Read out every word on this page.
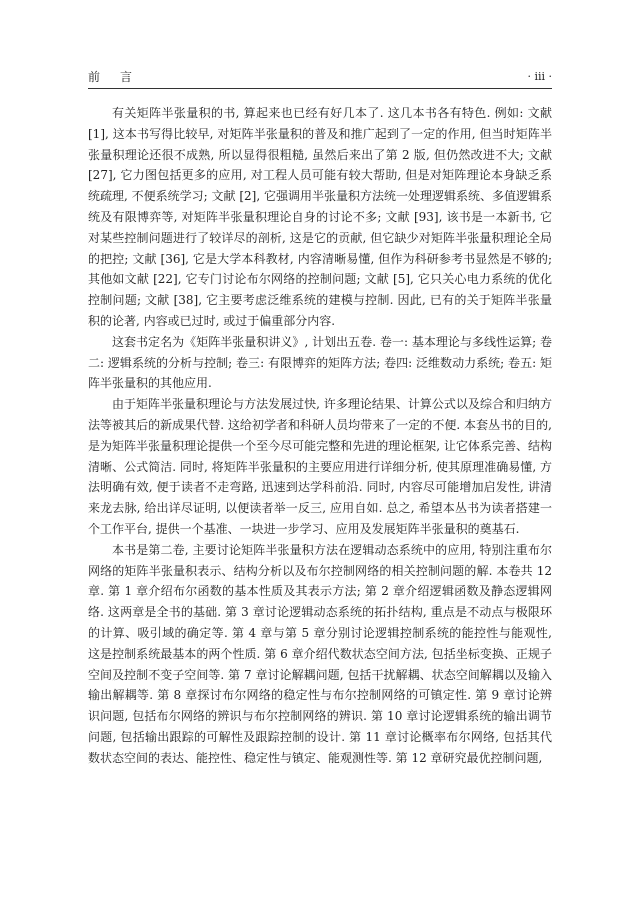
前言	· iii ·

有关矩阵半张量积的书, 算起来也已经有好几本了. 这几本书各有特色. 例如: 文献 [1], 这本书写得比较早, 对矩阵半张量积的普及和推广起到了一定的作用, 但当时矩阵半张量积理论还很不成熟, 所以显得很粗糙, 虽然后来出了第 2 版, 但仍然改进不大; 文献 [27], 它力图包括更多的应用, 对工程人员可能有较大帮助, 但是对矩阵理论本身缺乏系统疏理, 不便系统学习; 文献 [2], 它强调用半张量积方法统一处理逻辑系统、多值逻辑系统及有限博弈等, 对矩阵半张量积理论自身的讨论不多; 文献 [93], 该书是一本新书, 它对某些控制问题进行了较详尽的剖析, 这是它的贡献, 但它缺少对矩阵半张量积理论全局的把控; 文献 [36], 它是大学本科教材, 内容清晰易懂, 但作为科研参考书显然是不够的; 其他如文献 [22], 它专门讨论布尔网络的控制问题; 文献 [5], 它只关心电力系统的优化控制问题; 文献 [38], 它主要考虑泛维系统的建模与控制. 因此, 已有的关于矩阵半张量积的论著, 内容或已过时, 或过于偏重部分内容.

这套书定名为《矩阵半张量积讲义》, 计划出五卷. 卷一: 基本理论与多线性运算; 卷二: 逻辑系统的分析与控制; 卷三: 有限博弈的矩阵方法; 卷四: 泛维数动力系统; 卷五: 矩阵半张量积的其他应用.

由于矩阵半张量积理论与方法发展过快, 许多理论结果、计算公式以及综合和归纳方法等被其后的新成果代替. 这给初学者和科研人员均带来了一定的不便. 本套丛书的目的, 是为矩阵半张量积理论提供一个至今尽可能完整和先进的理论框架, 让它体系完善、结构清晰、公式简洁. 同时, 将矩阵半张量积的主要应用进行详细分析, 使其原理准确易懂, 方法明确有效, 便于读者不走弯路, 迅速到达学科前沿. 同时, 内容尽可能增加启发性, 讲清来龙去脉, 给出详尽证明, 以便读者举一反三, 应用自如. 总之, 希望本丛书为读者搭建一个工作平台, 提供一个基准、一块进一步学习、应用及发展矩阵半张量积的奠基石.

本书是第二卷, 主要讨论矩阵半张量积方法在逻辑动态系统中的应用, 特别注重布尔网络的矩阵半张量积表示、结构分析以及布尔控制网络的相关控制问题的解. 本卷共 12 章. 第 1 章介绍布尔函数的基本性质及其表示方法; 第 2 章介绍逻辑函数及静态逻辑网络. 这两章是全书的基础. 第 3 章讨论逻辑动态系统的拓扑结构, 重点是不动点与极限环的计算、吸引域的确定等. 第 4 章与第 5 章分别讨论逻辑控制系统的能控性与能观性, 这是控制系统最基本的两个性质. 第 6 章介绍代数状态空间方法, 包括坐标变换、正规子空间及控制不变子空间等. 第 7 章讨论解耦问题, 包括干扰解耦、状态空间解耦以及输入输出解耦等. 第 8 章探讨布尔网络的稳定性与布尔控制网络的可镇定性. 第 9 章讨论辨识问题, 包括布尔网络的辨识与布尔控制网络的辨识. 第 10 章讨论逻辑系统的输出调节问题, 包括输出跟踪的可解性及跟踪控制的设计. 第 11 章讨论概率布尔网络, 包括其代数状态空间的表达、能控性、稳定性与镇定、能观测性等. 第 12 章研究最优控制问题,
